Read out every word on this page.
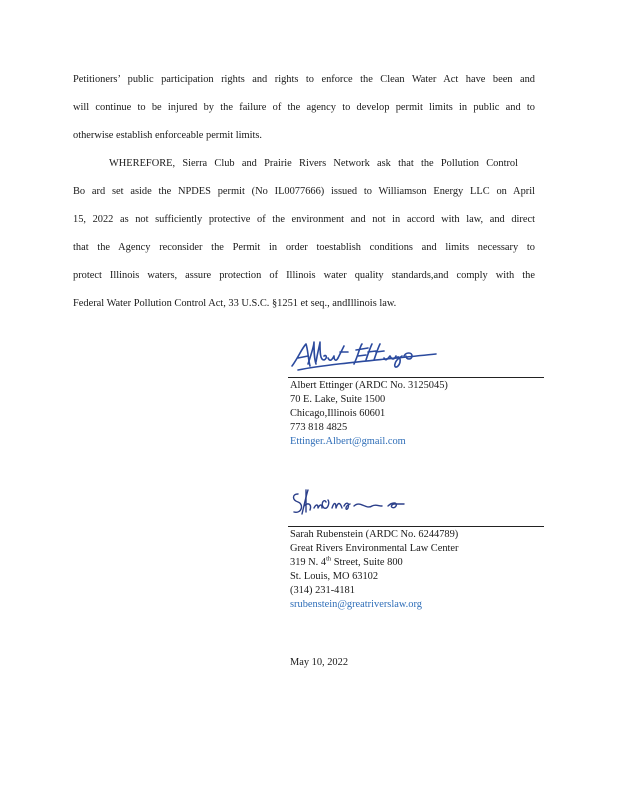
Petitioners’ public participation rights and rights to enforce the Clean Water Act have been and
will continue to be injured by the failure of the agency to develop permit limits in public and to
otherwise establish enforceable permit limits.
WHEREFORE, Sierra Club and Prairie Rivers Network ask that the Pollution Control
Bo ard set aside the NPDES permit (No IL0077666) issued to Williamson Energy LLC on April
15, 2022 as not sufficiently protective of the environment and not in accord with law, and direct
that the Agency reconsider the Permit in order toestablish conditions and limits necessary to
protect Illinois waters, assure protection of Illinois water quality standards,and comply with the
Federal Water Pollution Control Act, 33 U.S.C. §1251 et seq., andIllinois law.
Albert Ettinger (ARDC No. 3125045)
70 E. Lake, Suite 1500
Chicago,Illinois 60601
773 818 4825
Ettinger.Albert@gmail.com
Sarah Rubenstein (ARDC No. 6244789)
Great Rivers Environmental Law Center
319 N. 4th Street, Suite 800
St. Louis, MO 63102
(314) 231-4181
srubenstein@greatriverslaw.org
May 10, 2022
